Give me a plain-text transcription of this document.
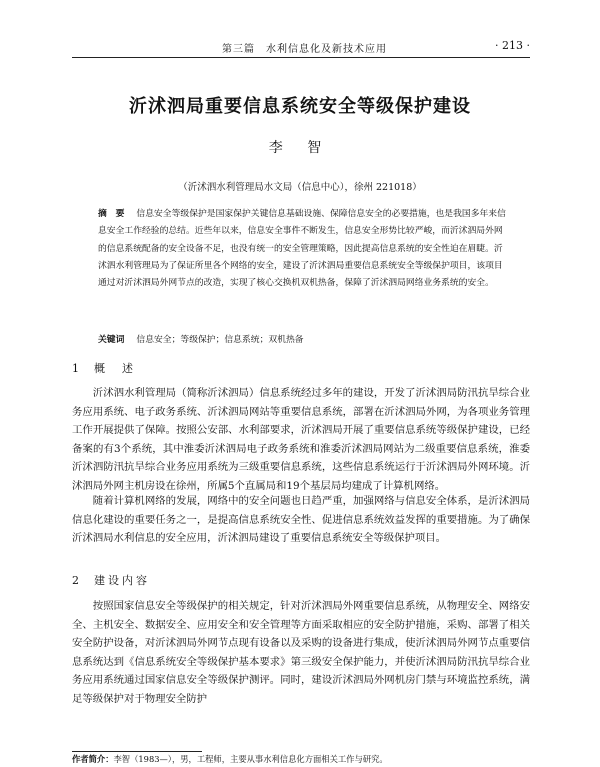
第三篇　水利信息化及新技术应用	· 213 ·
沂沭泗局重要信息系统安全等级保护建设
李 智
（沂沭泗水利管理局水文局（信息中心），徐州 221018）
摘　要 信息安全等级保护是国家保护关键信息基础设施、保障信息安全的必要措施，也是我国多年来信息安全工作经验的总结。近些年以来，信息安全事件不断发生，信息安全形势比较严峻，而沂沭泗局外网的信息系统配备的安全设备不足，也没有统一的安全管理策略，因此提高信息系统的安全性迫在眉睫。沂沭泗水利管理局为了保证所里各个网络的安全，建设了沂沭泗局重要信息系统安全等级保护项目，该项目通过对沂沭泗局外网节点的改造，实现了核心交换机双机热备，保障了沂沭泗局网络业务系统的安全。
关键词 信息安全；等级保护；信息系统；双机热备
1 概　述
沂沭泗水利管理局（简称沂沭泗局）信息系统经过多年的建设，开发了沂沭泗局防汛抗旱综合业务应用系统、电子政务系统、沂沭泗局网站等重要信息系统，部署在沂沭泗局外网，为各项业务管理工作开展提供了保障。按照公安部、水利部要求，沂沭泗局开展了重要信息系统等级保护建设，已经备案的有3个系统，其中淮委沂沭泗局电子政务系统和淮委沂沭泗局网站为二级重要信息系统，淮委沂沭泗防汛抗旱综合业务应用系统为三级重要信息系统，这些信息系统运行于沂沭泗局外网环境。沂沭泗局外网主机房设在徐州，所属5个直属局和19个基层局均建成了计算机网络。
随着计算机网络的发展，网络中的安全问题也日趋严重，加强网络与信息安全体系，是沂沭泗局信息化建设的重要任务之一，是提高信息系统安全性、促进信息系统效益发挥的重要措施。为了确保沂沭泗局水利信息的安全应用，沂沭泗局建设了重要信息系统安全等级保护项目。
2 建设内容
按照国家信息安全等级保护的相关规定，针对沂沭泗局外网重要信息系统，从物理安全、网络安全、主机安全、数据安全、应用安全和安全管理等方面采取相应的安全防护措施，采购、部署了相关安全防护设备，对沂沭泗局外网节点现有设备以及采购的设备进行集成，使沂沭泗局外网节点重要信息系统达到《信息系统安全等级保护基本要求》第三级安全保护能力，并使沂沭泗局防汛抗旱综合业务应用系统通过国家信息安全等级保护测评。同时，建设沂沭泗局外网机房门禁与环境监控系统，满足等级保护对于物理安全防护
作者简介：李智（1983—），男，工程师，主要从事水利信息化方面相关工作与研究。
